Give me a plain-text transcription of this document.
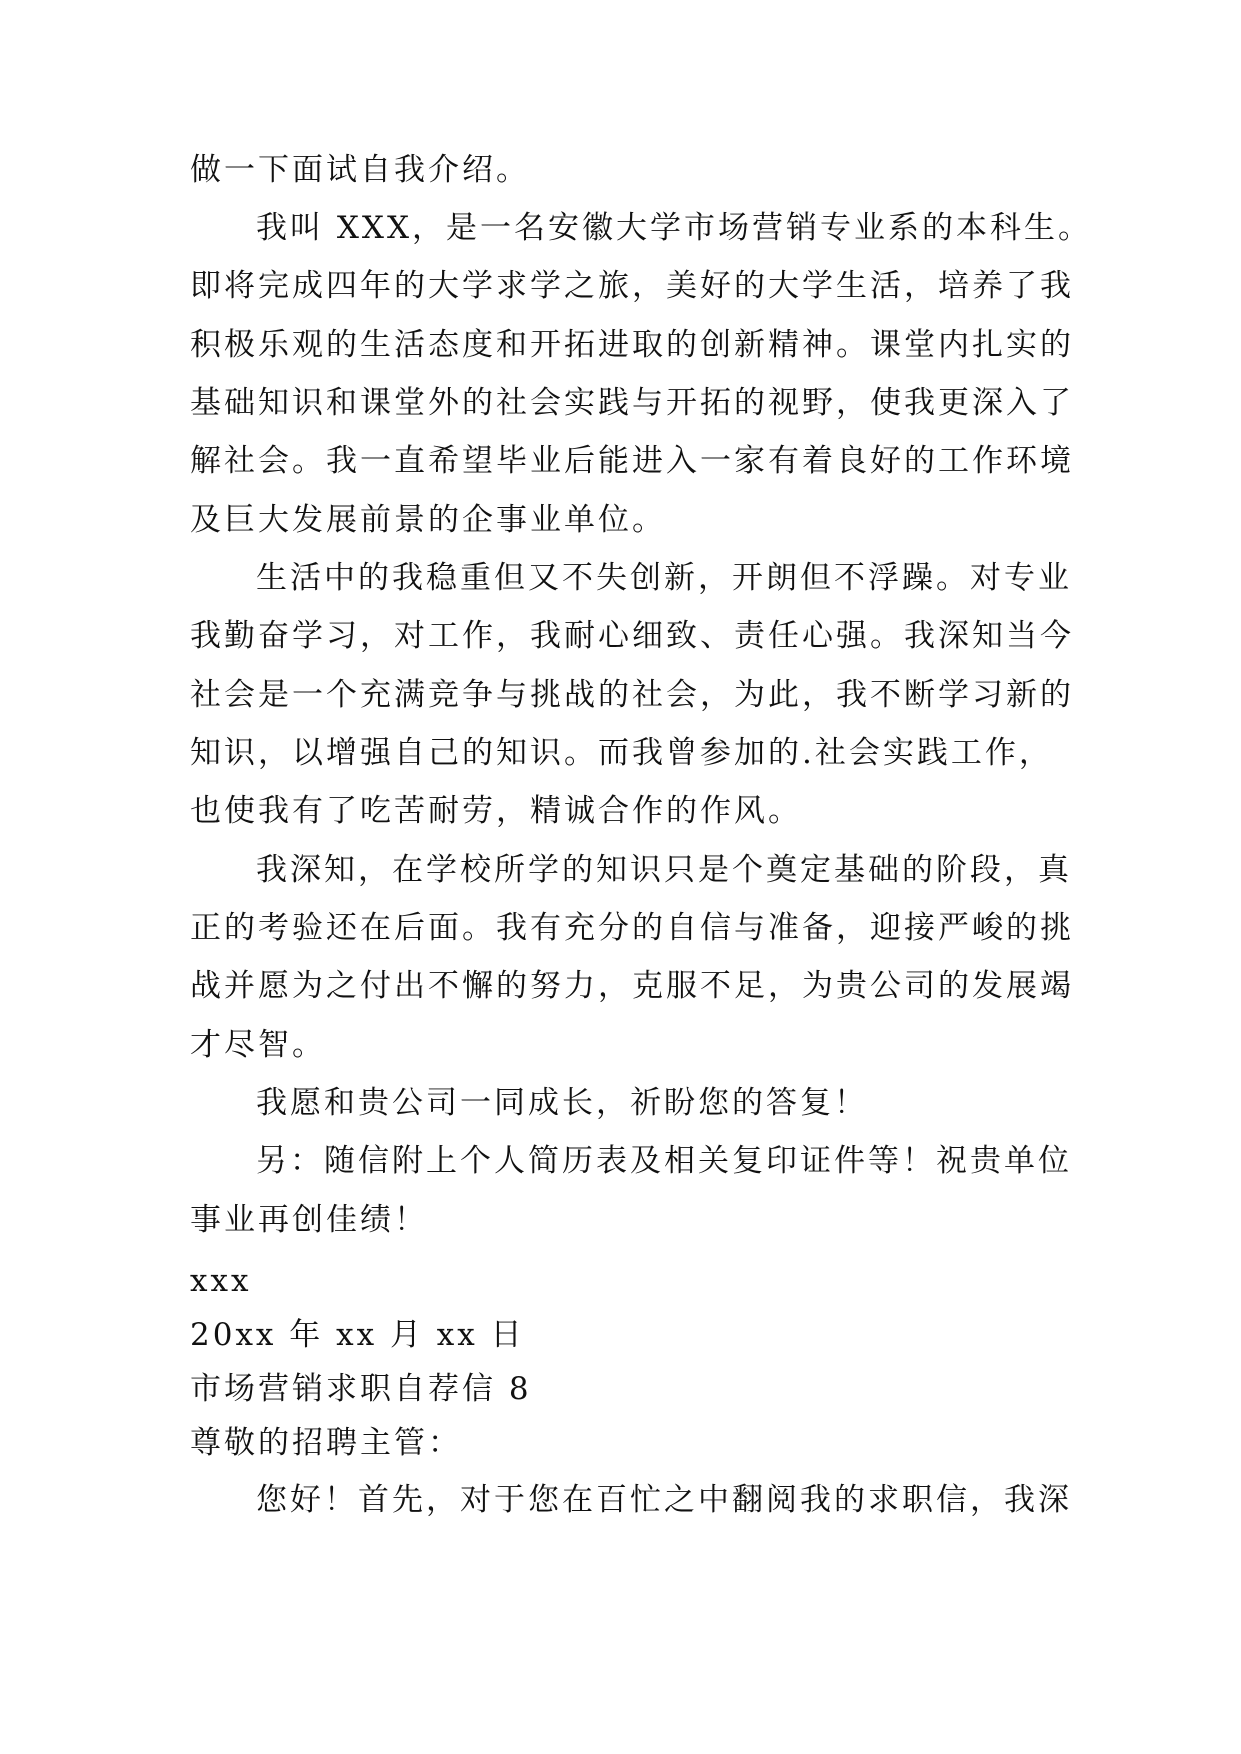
做一下面试自我介绍。
我叫 XXX，是一名安徽大学市场营销专业系的本科生。
即将完成四年的大学求学之旅，美好的大学生活，培养了我
积极乐观的生活态度和开拓进取的创新精神。课堂内扎实的
基础知识和课堂外的社会实践与开拓的视野，使我更深入了
解社会。我一直希望毕业后能进入一家有着良好的工作环境
及巨大发展前景的企事业单位。
生活中的我稳重但又不失创新，开朗但不浮躁。对专业
我勤奋学习，对工作，我耐心细致、责任心强。我深知当今
社会是一个充满竞争与挑战的社会，为此，我不断学习新的
知识，以增强自己的知识。而我曾参加的.社会实践工作，
也使我有了吃苦耐劳，精诚合作的作风。
我深知，在学校所学的知识只是个奠定基础的阶段，真
正的考验还在后面。我有充分的自信与准备，迎接严峻的挑
战并愿为之付出不懈的努力，克服不足，为贵公司的发展竭
才尽智。
我愿和贵公司一同成长，祈盼您的答复！
另：随信附上个人简历表及相关复印证件等！祝贵单位
事业再创佳绩！
xxx
20xx 年 xx 月 xx 日
市场营销求职自荐信 8
尊敬的招聘主管：
您好！首先，对于您在百忙之中翻阅我的求职信，我深
